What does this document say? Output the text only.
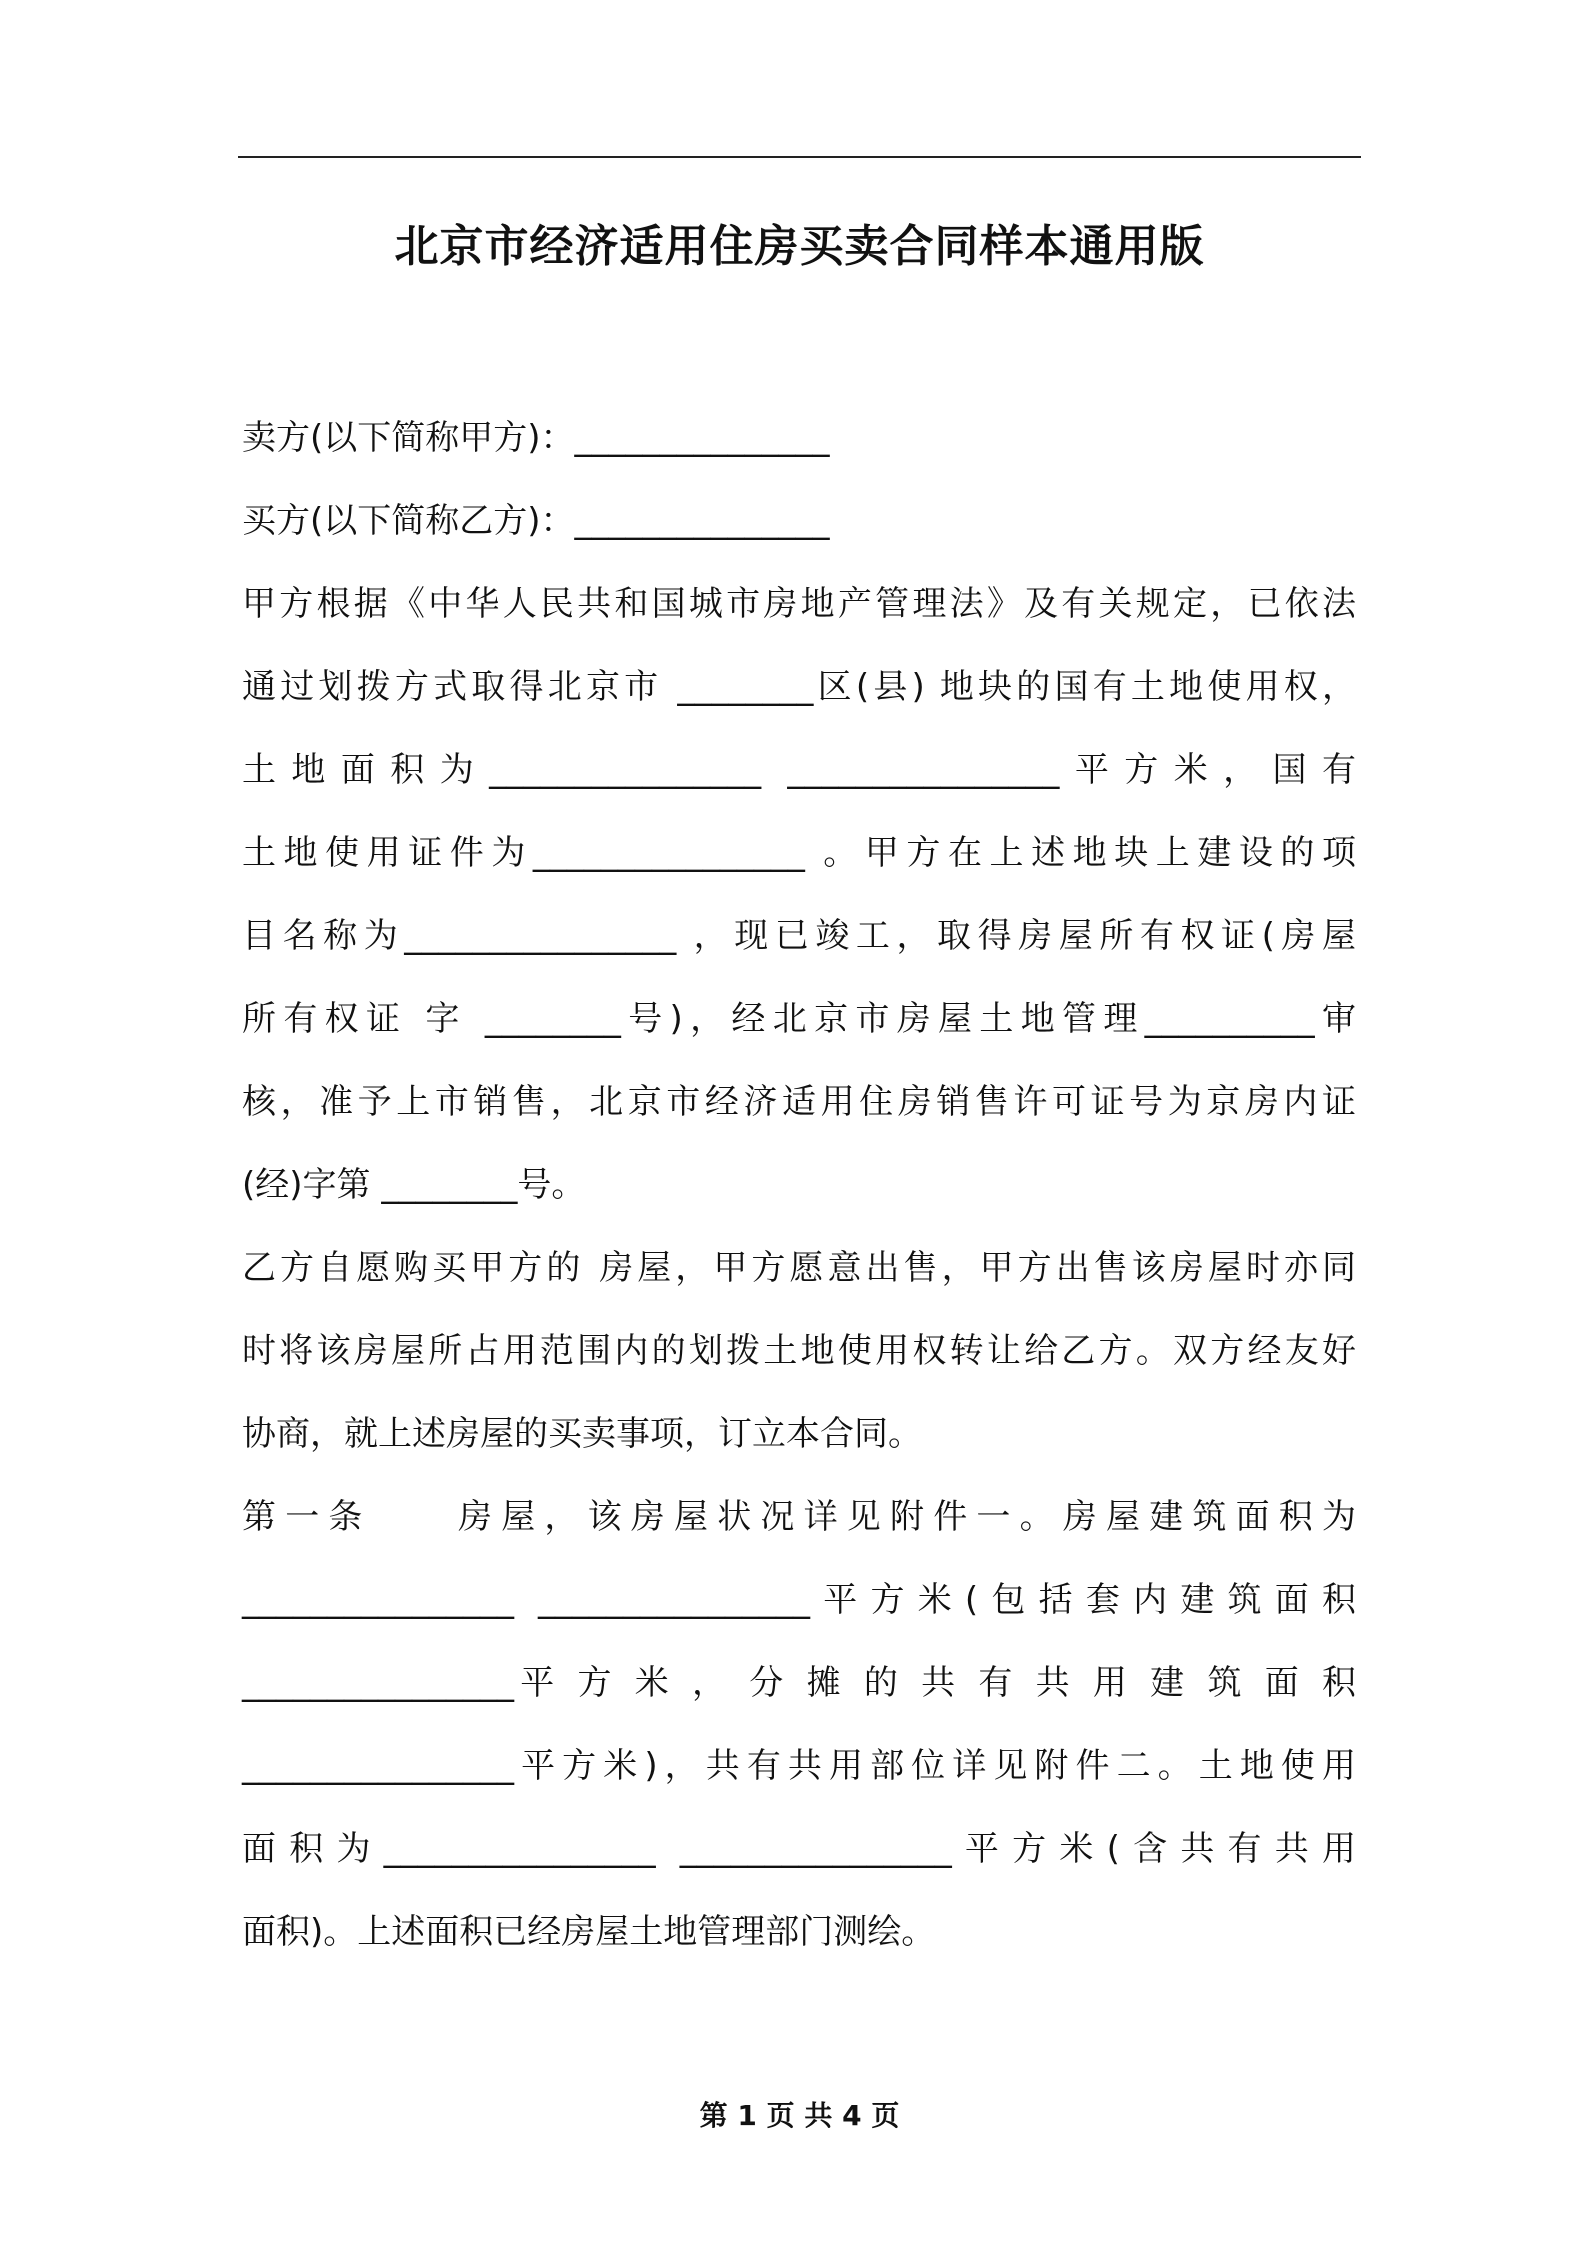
北京市经济适用住房买卖合同样本通用版
卖方(以下简称甲方)：_______________
买方(以下简称乙方)：_______________
甲方根据《中华人民共和国城市房地产管理法》及有关规定，已依法
通过划拨方式取得北京市 ________区(县) 地块的国有土地使用权，
土地面积为________________ ________________平方米，国有
土地使用证件为________________ 。甲方在上述地块上建设的项
目名称为________________ ，现已竣工，取得房屋所有权证(房屋
所有权证 字 ________号)，经北京市房屋土地管理__________审
核，准予上市销售，北京市经济适用住房销售许可证号为京房内证
(经)字第 ________号。
乙方自愿购买甲方的 房屋，甲方愿意出售，甲方出售该房屋时亦同
时将该房屋所占用范围内的划拨土地使用权转让给乙方。双方经友好
协商，就上述房屋的买卖事项，订立本合同。
第一条　　房屋，该房屋状况详见附件一。房屋建筑面积为
________________ ________________平方米(包括套内建筑面积
________________平 方 米 ， 分 摊 的 共 有 共 用 建 筑 面 积
________________平方米)，共有共用部位详见附件二。土地使用
面积为________________ ________________平方米(含共有共用
面积)。上述面积已经房屋土地管理部门测绘。
第 1 页 共 4 页
